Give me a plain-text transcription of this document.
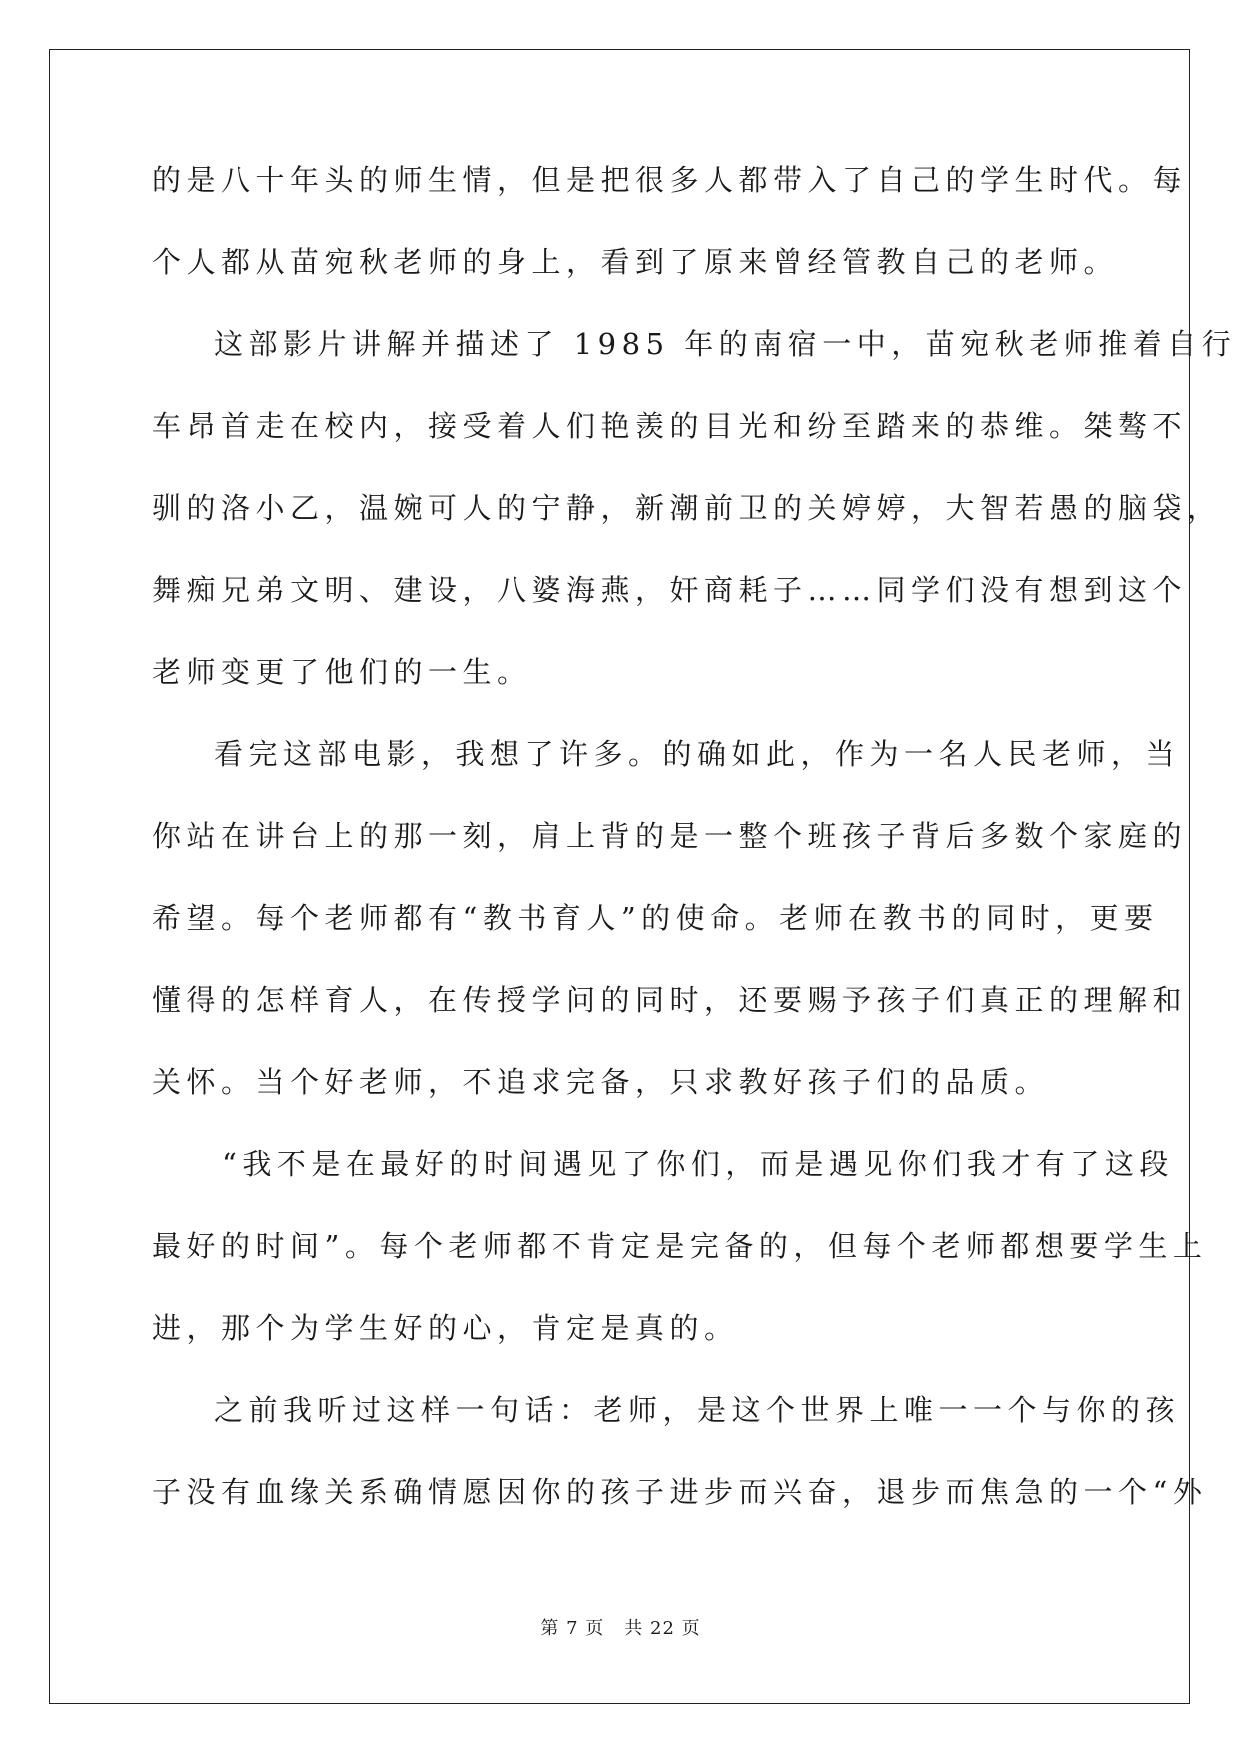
的是八十年头的师生情，但是把很多人都带入了自己的学生时代。每
个人都从苗宛秋老师的身上，看到了原来曾经管教自己的老师。
这部影片讲解并描述了 1985 年的南宿一中，苗宛秋老师推着自行
车昂首走在校内，接受着人们艳羡的目光和纷至踏来的恭维。桀骜不
驯的洛小乙，温婉可人的宁静，新潮前卫的关婷婷，大智若愚的脑袋，
舞痴兄弟文明、建设，八婆海燕，奸商耗子……同学们没有想到这个
老师变更了他们的一生。
看完这部电影，我想了许多。的确如此，作为一名人民老师，当
你站在讲台上的那一刻，肩上背的是一整个班孩子背后多数个家庭的
希望。每个老师都有“教书育人”的使命。老师在教书的同时，更要
懂得的怎样育人，在传授学问的同时，还要赐予孩子们真正的理解和
关怀。当个好老师，不追求完备，只求教好孩子们的品质。
“我不是在最好的时间遇见了你们，而是遇见你们我才有了这段
最好的时间”。每个老师都不肯定是完备的，但每个老师都想要学生上
进，那个为学生好的心，肯定是真的。
之前我听过这样一句话：老师，是这个世界上唯一一个与你的孩
子没有血缘关系确情愿因你的孩子进步而兴奋，退步而焦急的一个“外
第 7 页 共 22 页
